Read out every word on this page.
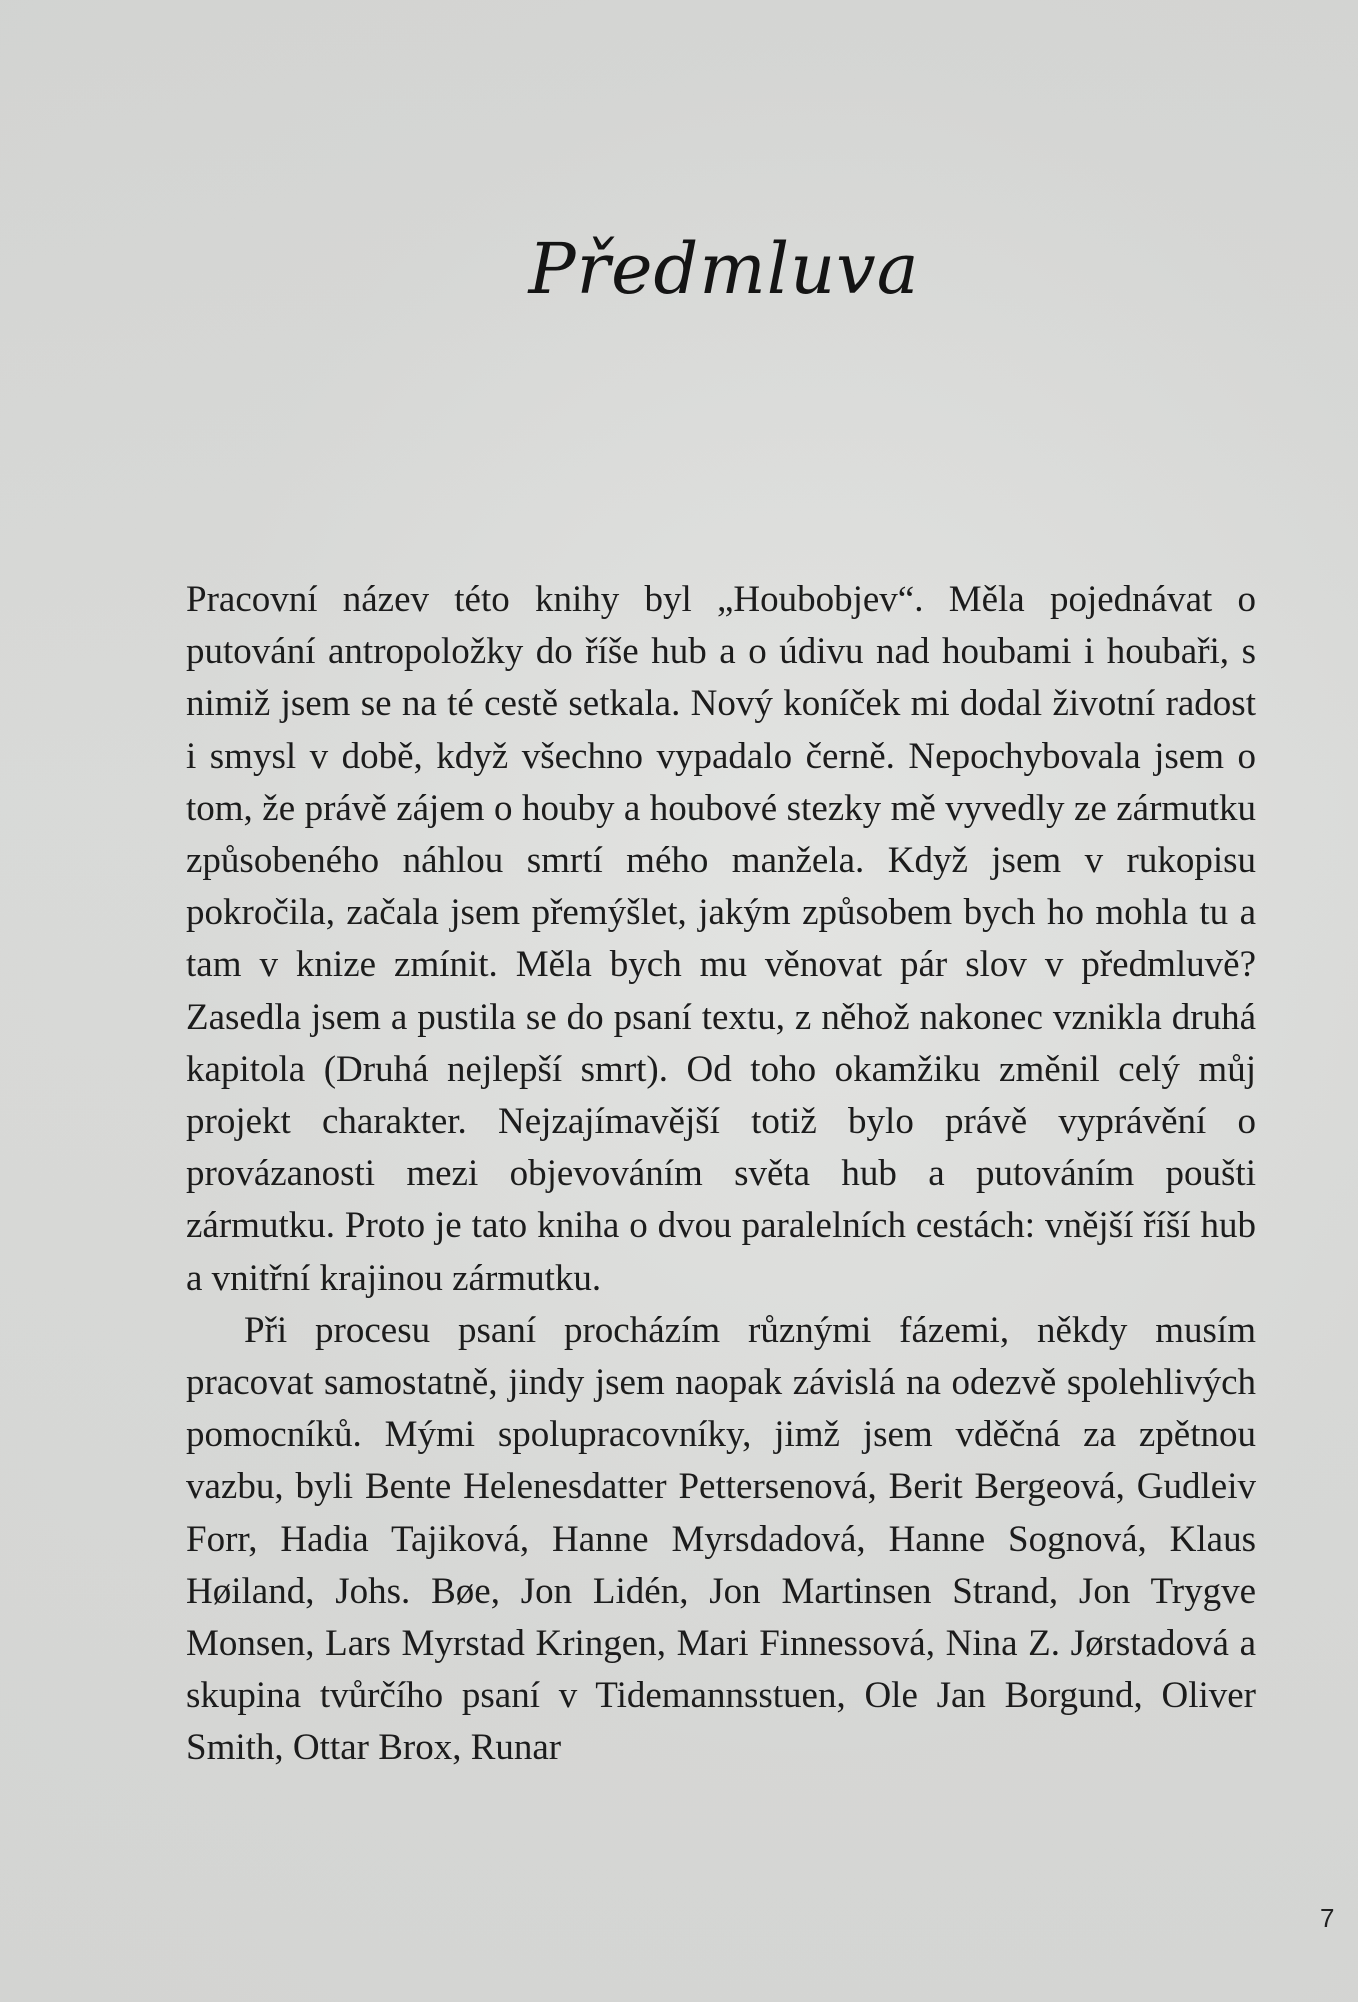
Předmluva

Pracovní název této knihy byl „Houbobjev“. Měla pojednávat o putování antropoložky do říše hub a o údivu nad houbami i houbaři, s nimiž jsem se na té cestě setkala. Nový koníček mi dodal životní radost i smysl v době, když všechno vypadalo černě. Nepochybovala jsem o tom, že právě zájem o houby a houbové stezky mě vyvedly ze zármutku způsobeného náhlou smrtí mého manžela. Když jsem v rukopisu pokročila, začala jsem přemýšlet, jakým způsobem bych ho mohla tu a tam v knize zmínit. Měla bych mu věnovat pár slov v předmluvě? Zasedla jsem a pustila se do psaní textu, z něhož nakonec vznikla druhá kapitola (Druhá nejlepší smrt). Od toho okamžiku změnil celý můj projekt charakter. Nejzajímavější totiž bylo právě vyprávění o provázanosti mezi objevováním světa hub a putováním poušti zármutku. Proto je tato kniha o dvou paralelních cestách: vnější říší hub a vnitřní krajinou zármutku.

Při procesu psaní procházím různými fázemi, někdy musím pracovat samostatně, jindy jsem naopak závislá na odezvě spolehlivých pomocníků. Mými spolupracovníky, jimž jsem vděčná za zpětnou vazbu, byli Bente Helenesdatter Pettersenová, Berit Bergeová, Gudleiv Forr, Hadia Tajiková, Hanne Myrsdadová, Hanne Sognová, Klaus Høiland, Johs. Bøe, Jon Lidén, Jon Martinsen Strand, Jon Trygve Monsen, Lars Myrstad Kringen, Mari Finnessová, Nina Z. Jørstadová a skupina tvůrčího psaní v Tidemannsstuen, Ole Jan Borgund, Oliver Smith, Ottar Brox, Runar

7
